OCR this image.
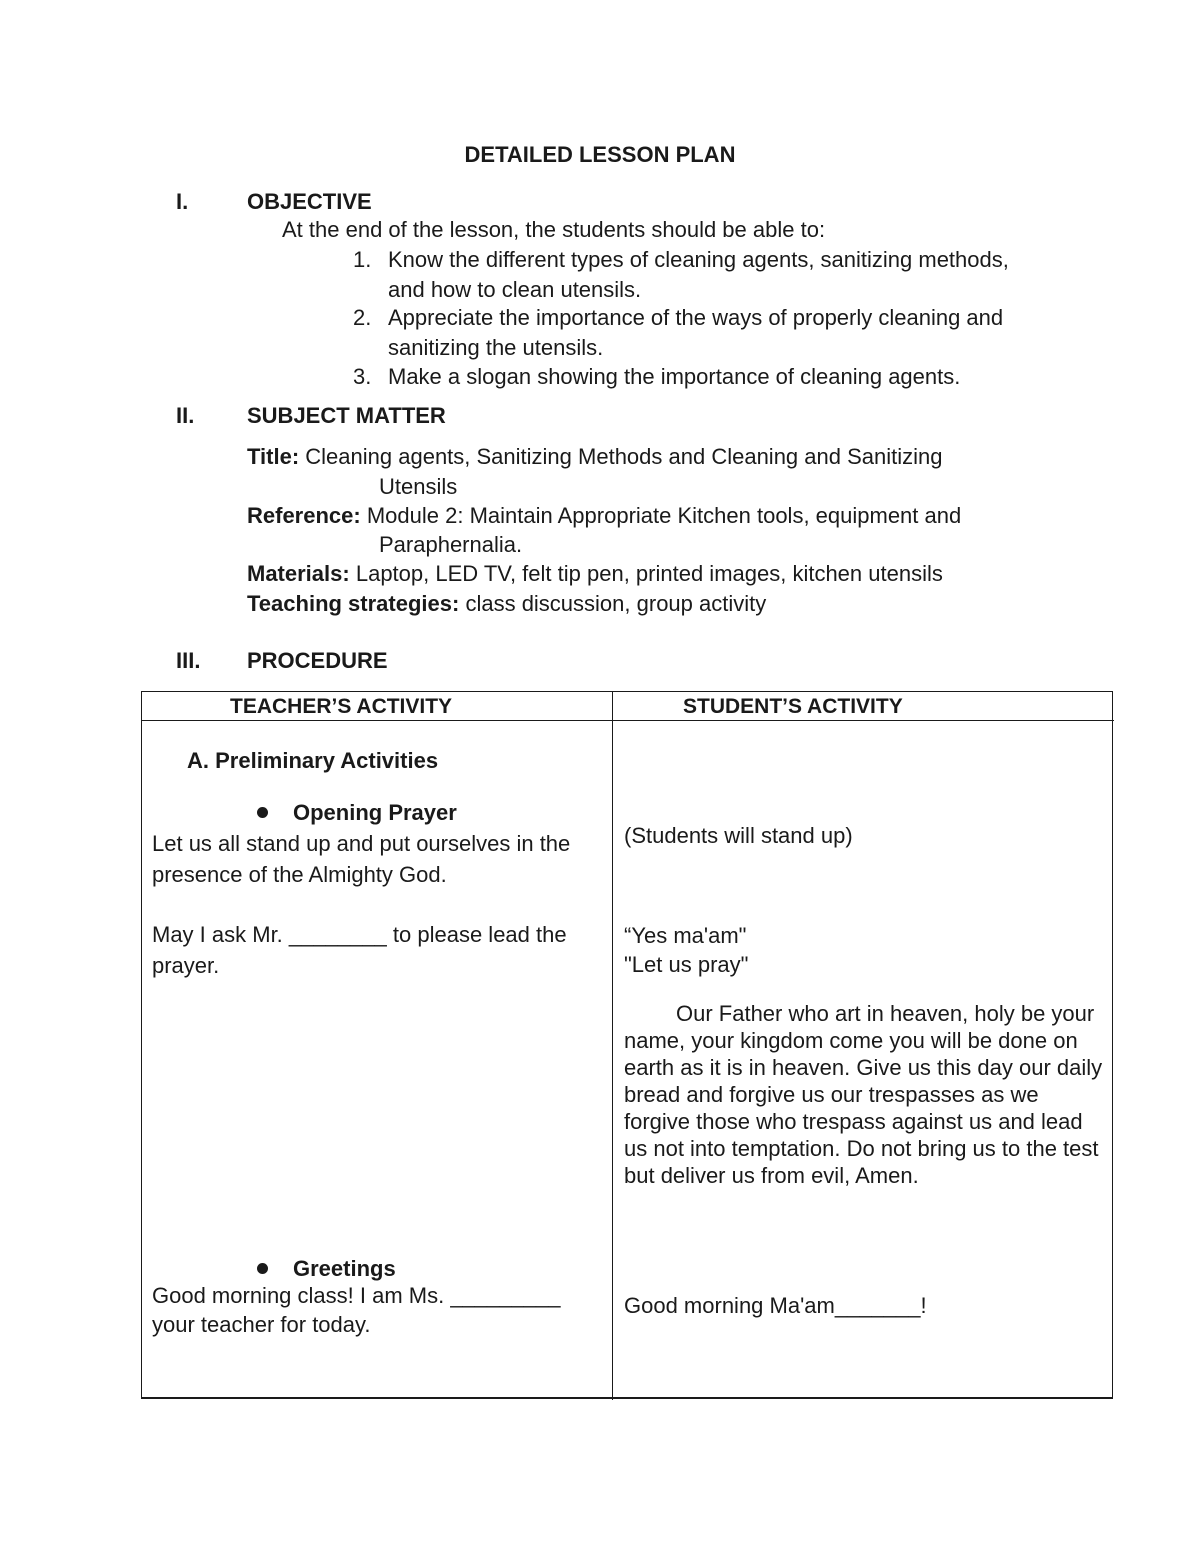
DETAILED LESSON PLAN
I.	OBJECTIVE
At the end of the lesson, the students should be able to:
1. Know the different types of cleaning agents, sanitizing methods,
and how to clean utensils.
2. Appreciate the importance of the ways of properly cleaning and
sanitizing the utensils.
3. Make a slogan showing the importance of cleaning agents.
II. SUBJECT MATTER
Title: Cleaning agents, Sanitizing Methods and Cleaning and Sanitizing
Utensils
Reference: Module 2: Maintain Appropriate Kitchen tools, equipment and
Paraphernalia.
Materials: Laptop, LED TV, felt tip pen, printed images, kitchen utensils
Teaching strategies: class discussion, group activity
III. PROCEDURE
TEACHER’S ACTIVITY	STUDENT’S ACTIVITY
A. Preliminary Activities
Opening Prayer
Let us all stand up and put ourselves in the
presence of the Almighty God.
(Students will stand up)
May I ask Mr. ________ to please lead the
prayer.
“Yes ma'am"
"Let us pray"
Our Father who art in heaven, holy be your name, your kingdom come you will be done on earth as it is in heaven. Give us this day our daily bread and forgive us our trespasses as we forgive those who trespass against us and lead us not into temptation. Do not bring us to the test but deliver us from evil, Amen.
Greetings
Good morning class! I am Ms. _________
your teacher for today.
Good morning Ma'am_______!
